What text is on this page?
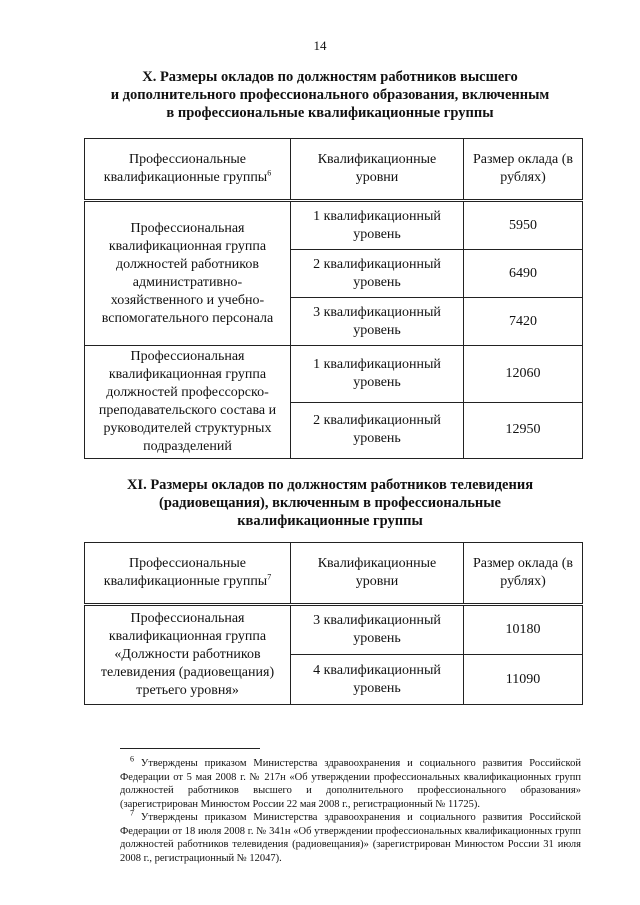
14
X. Размеры окладов по должностям работников высшего
и дополнительного профессионального образования, включенным
в профессиональные квалификационные группы
Профессиональные квалификационные группы$^6$	Квалификационные уровни	Размер оклада (в рублях)
Профессиональная квалификационная группа должностей работников административно-хозяйственного и учебно-вспомогательного персонала	1 квалификационный уровень	5950
	2 квалификационный уровень	6490
	3 квалификационный уровень	7420
Профессиональная квалификационная группа должностей профессорско-преподавательского состава и руководителей структурных подразделений	1 квалификационный уровень	12060
	2 квалификационный уровень	12950
XI. Размеры окладов по должностям работников телевидения
(радиовещания), включенным в профессиональные
квалификационные группы
Профессиональные квалификационные группы$^7$	Квалификационные уровни	Размер оклада (в рублях)
Профессиональная квалификационная группа «Должности работников телевидения (радиовещания) третьего уровня»	3 квалификационный уровень	10180
	4 квалификационный уровень	11090
$^6$ Утверждены приказом Министерства здравоохранения и социального развития Российской Федерации от 5 мая 2008 г. № 217н «Об утверждении профессиональных квалификационных групп должностей работников высшего и дополнительного профессионального образования» (зарегистрирован Минюстом России 22 мая 2008 г., регистрационный № 11725).
$^7$ Утверждены приказом Министерства здравоохранения и социального развития Российской Федерации от 18 июля 2008 г. № 341н «Об утверждении профессиональных квалификационных групп должностей работников телевидения (радиовещания)» (зарегистрирован Минюстом России 31 июля 2008 г., регистрационный № 12047).
